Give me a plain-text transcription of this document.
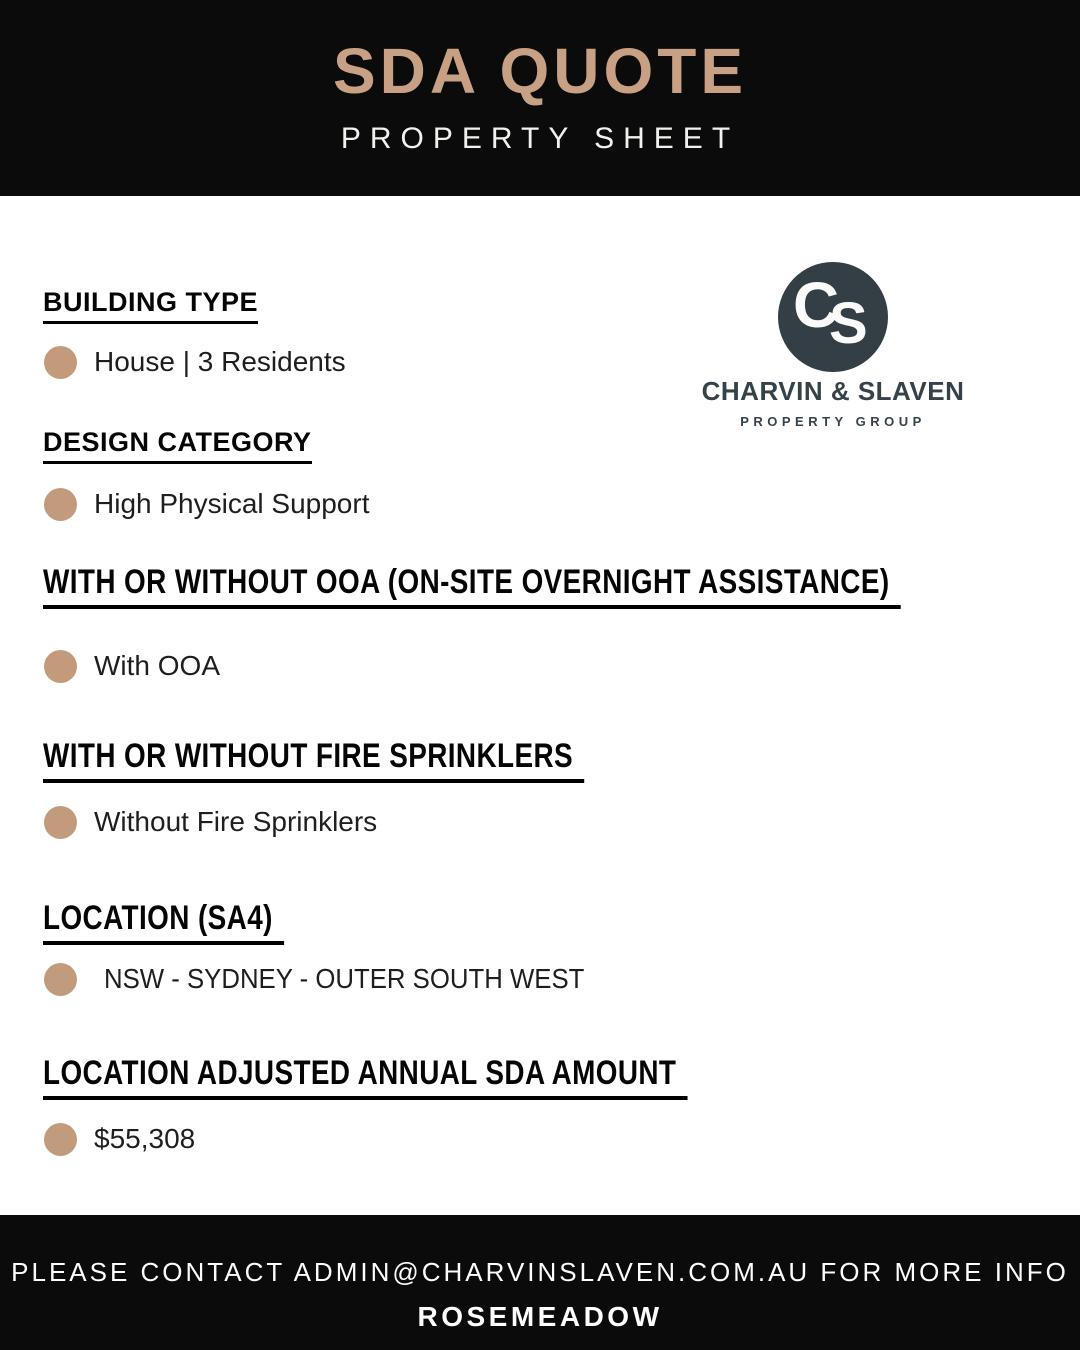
SDA QUOTE
PROPERTY SHEET
C
S
CHARVIN & SLAVEN
PROPERTY GROUP
BUILDING TYPE
House | 3 Residents
DESIGN CATEGORY
High Physical Support
WITH OR WITHOUT OOA (ON-SITE OVERNIGHT ASSISTANCE)
With OOA
WITH OR WITHOUT FIRE SPRINKLERS
Without Fire Sprinklers
LOCATION (SA4)
NSW - SYDNEY - OUTER SOUTH WEST
LOCATION ADJUSTED ANNUAL SDA AMOUNT
$55,308
PLEASE CONTACT ADMIN@CHARVINSLAVEN.COM.AU FOR MORE INFO
ROSEMEADOW
